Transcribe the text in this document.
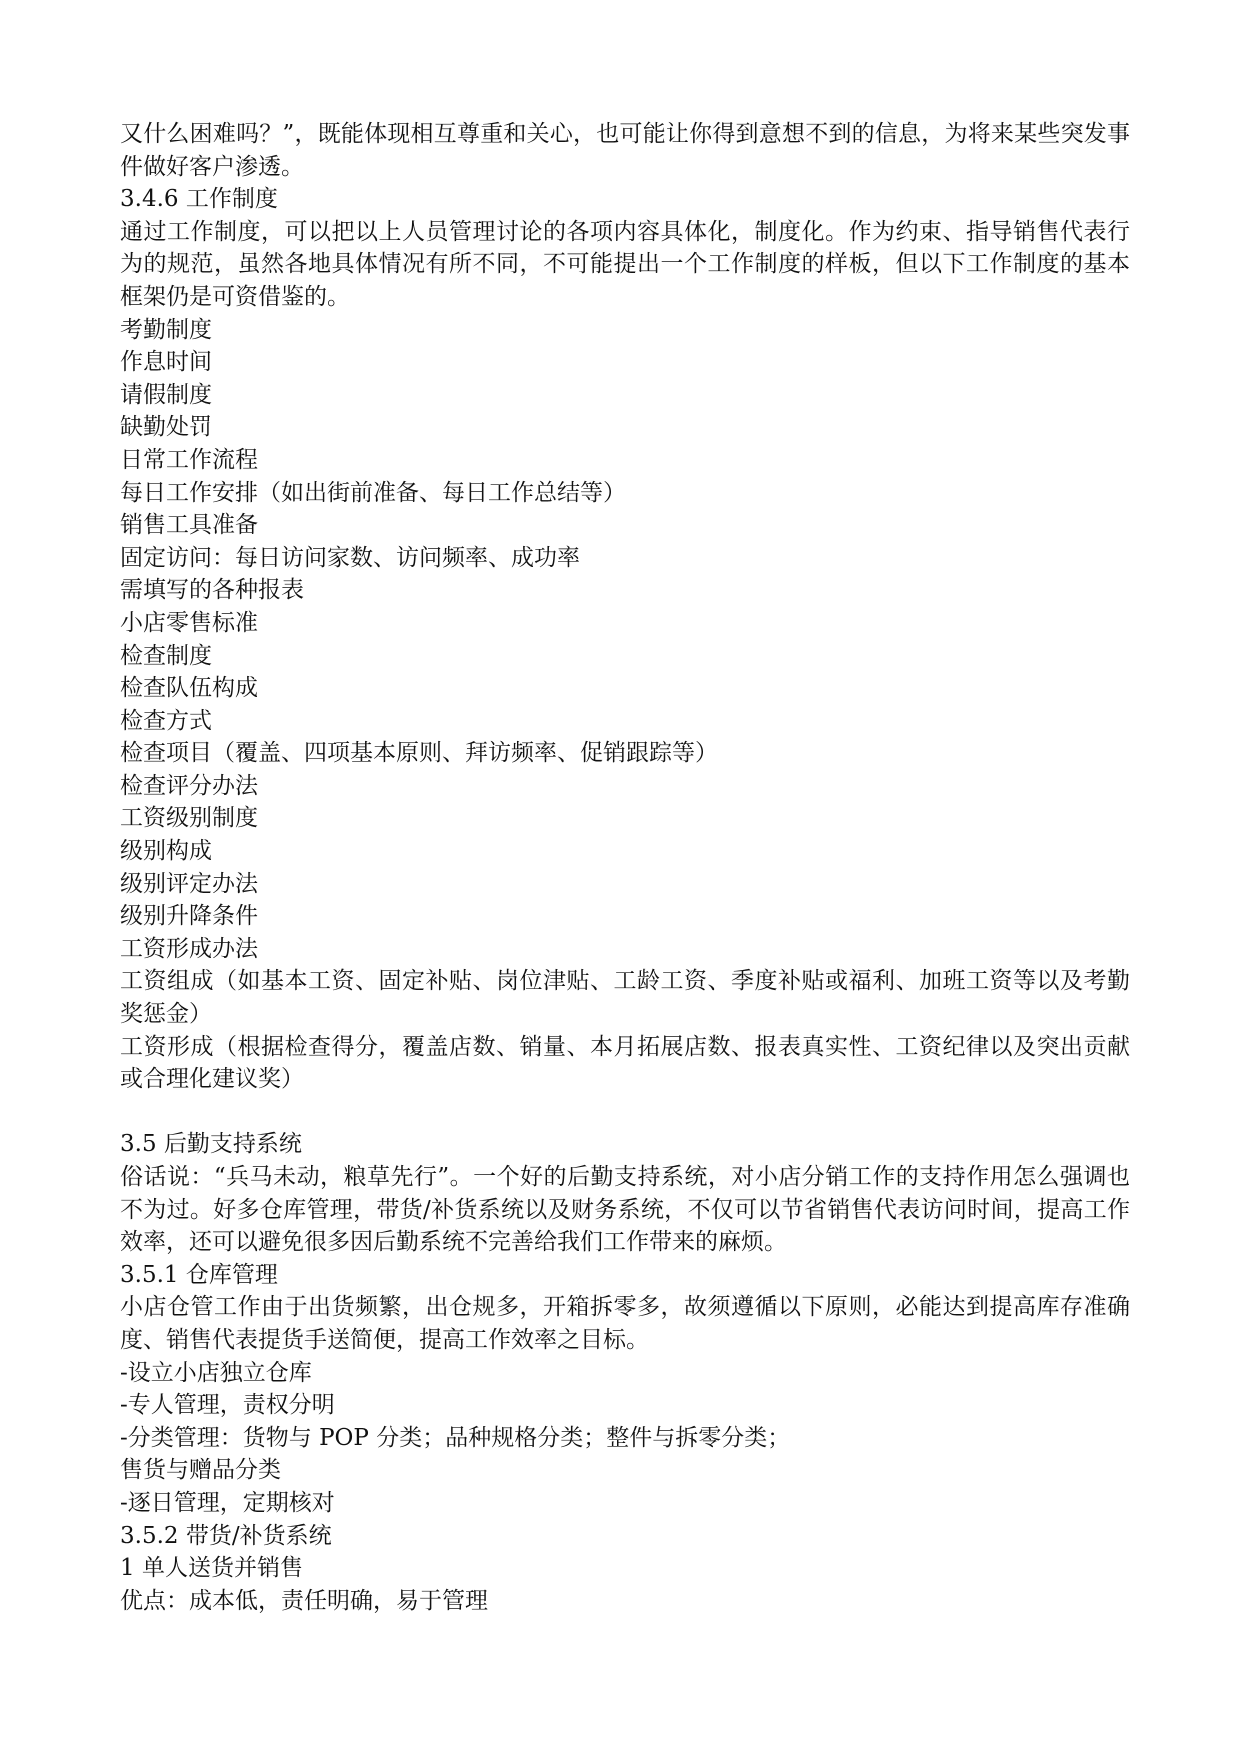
又什么困难吗？”，既能体现相互尊重和关心，也可能让你得到意想不到的信息，为将来某些突发事件做好客户渗透。
3.4.6 工作制度
通过工作制度，可以把以上人员管理讨论的各项内容具体化，制度化。作为约束、指导销售代表行为的规范，虽然各地具体情况有所不同，不可能提出一个工作制度的样板，但以下工作制度的基本框架仍是可资借鉴的。
考勤制度
作息时间
请假制度
缺勤处罚
日常工作流程
每日工作安排（如出街前准备、每日工作总结等）
销售工具准备
固定访问：每日访问家数、访问频率、成功率
需填写的各种报表
小店零售标准
检查制度
检查队伍构成
检查方式
检查项目（覆盖、四项基本原则、拜访频率、促销跟踪等）
检查评分办法
工资级别制度
级别构成
级别评定办法
级别升降条件
工资形成办法
工资组成（如基本工资、固定补贴、岗位津贴、工龄工资、季度补贴或福利、加班工资等以及考勤奖惩金）
工资形成（根据检查得分，覆盖店数、销量、本月拓展店数、报表真实性、工资纪律以及突出贡献或合理化建议奖）
3.5 后勤支持系统
俗话说：“兵马未动，粮草先行”。一个好的后勤支持系统，对小店分销工作的支持作用怎么强调也不为过。好多仓库管理，带货/补货系统以及财务系统，不仅可以节省销售代表访问时间，提高工作效率，还可以避免很多因后勤系统不完善给我们工作带来的麻烦。
3.5.1 仓库管理
小店仓管工作由于出货频繁，出仓规多，开箱拆零多，故须遵循以下原则，必能达到提高库存准确度、销售代表提货手送简便，提高工作效率之目标。
-设立小店独立仓库
-专人管理，责权分明
-分类管理：货物与 POP 分类；品种规格分类；整件与拆零分类；
售货与赠品分类
-逐日管理，定期核对
3.5.2 带货/补货系统
1 单人送货并销售
优点：成本低，责任明确，易于管理
